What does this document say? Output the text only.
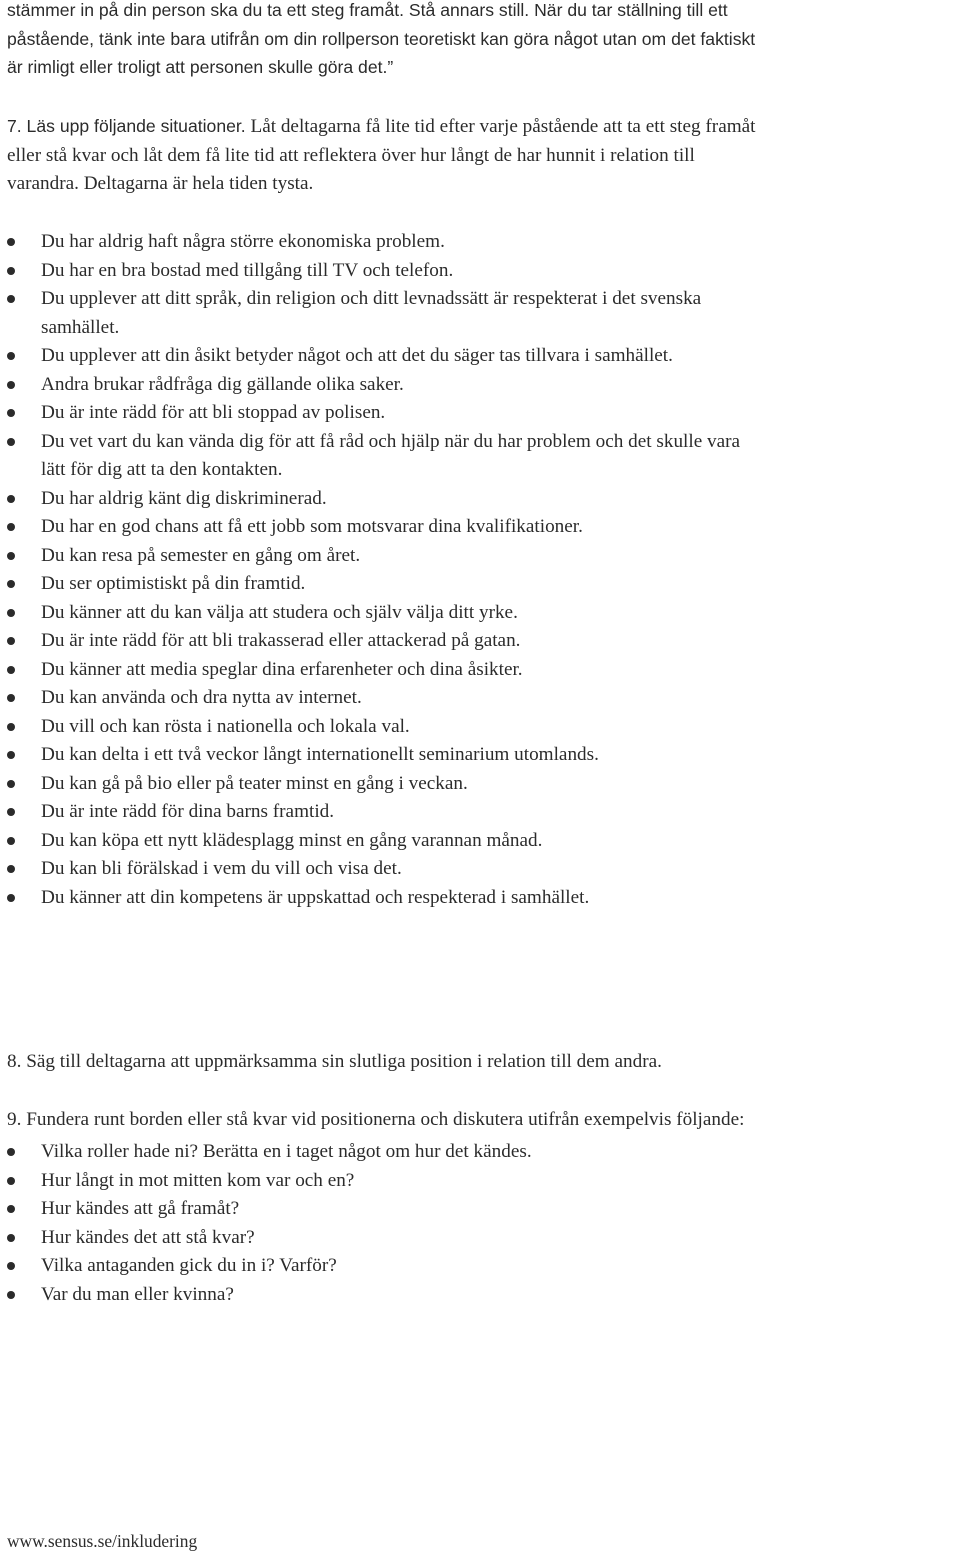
stämmer in på din person ska du ta ett steg framåt. Stå annars still. När du tar ställning till ett
påstående, tänk inte bara utifrån om din rollperson teoretiskt kan göra något utan om det faktiskt
är rimligt eller troligt att personen skulle göra det.”

7. Läs upp följande situationer. Låt deltagarna få lite tid efter varje påstående att ta ett steg framåt
eller stå kvar och låt dem få lite tid att reflektera över hur långt de har hunnit i relation till
varandra. Deltagarna är hela tiden tysta.

Du har aldrig haft några större ekonomiska problem.
Du har en bra bostad med tillgång till TV och telefon.
Du upplever att ditt språk, din religion och ditt levnadssätt är respekterat i det svenska
samhället.
Du upplever att din åsikt betyder något och att det du säger tas tillvara i samhället.
Andra brukar rådfråga dig gällande olika saker.
Du är inte rädd för att bli stoppad av polisen.
Du vet vart du kan vända dig för att få råd och hjälp när du har problem och det skulle vara
lätt för dig att ta den kontakten.
Du har aldrig känt dig diskriminerad.
Du har en god chans att få ett jobb som motsvarar dina kvalifikationer.
Du kan resa på semester en gång om året.
Du ser optimistiskt på din framtid.
Du känner att du kan välja att studera och själv välja ditt yrke.
Du är inte rädd för att bli trakasserad eller attackerad på gatan.
Du känner att media speglar dina erfarenheter och dina åsikter.
Du kan använda och dra nytta av internet.
Du vill och kan rösta i nationella och lokala val.
Du kan delta i ett två veckor långt internationellt seminarium utomlands.
Du kan gå på bio eller på teater minst en gång i veckan.
Du är inte rädd för dina barns framtid.
Du kan köpa ett nytt klädesplagg minst en gång varannan månad.
Du kan bli förälskad i vem du vill och visa det.
Du känner att din kompetens är uppskattad och respekterad i samhället.
8. Säg till deltagarna att uppmärksamma sin slutliga position i relation till dem andra.
9. Fundera runt borden eller stå kvar vid positionerna och diskutera utifrån exempelvis följande:
Vilka roller hade ni? Berätta en i taget något om hur det kändes.
Hur långt in mot mitten kom var och en?
Hur kändes att gå framåt?
Hur kändes det att stå kvar?
Vilka antaganden gick du in i? Varför?
Var du man eller kvinna?
www.sensus.se/inkludering
